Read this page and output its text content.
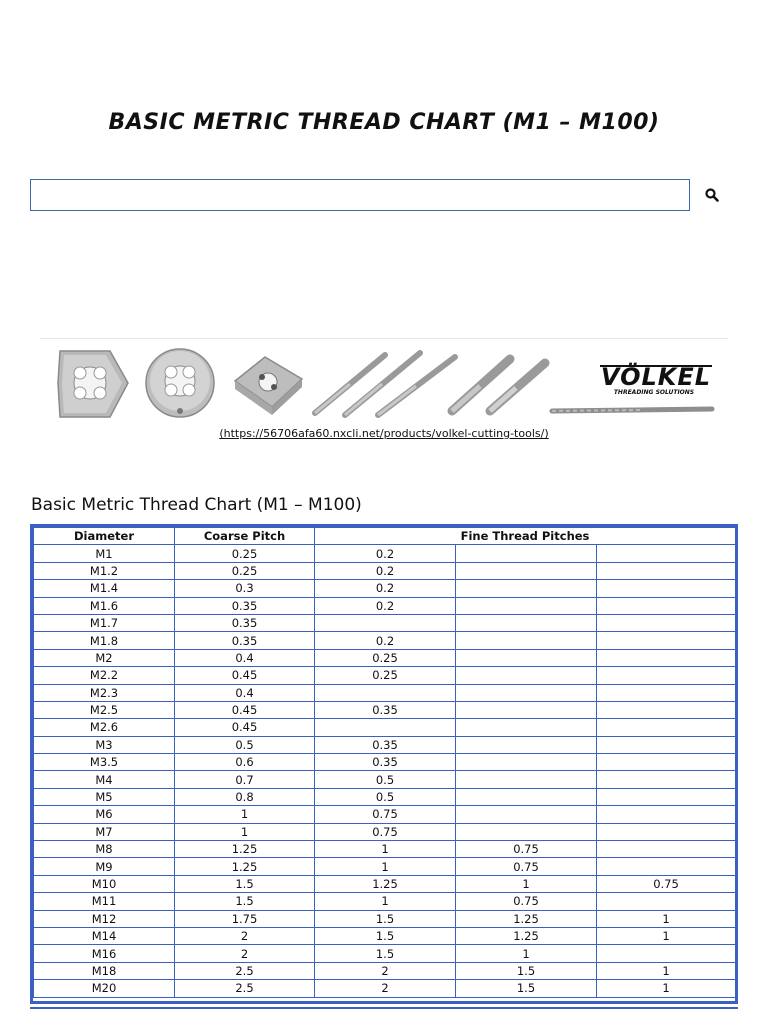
BASIC METRIC THREAD CHART (M1 – M100)
VÖLKEL
THREADING SOLUTIONS
(https://56706afa60.nxcli.net/products/volkel-cutting-tools/)
Basic Metric Thread Chart (M1 – M100)
Diameter	Coarse Pitch	Fine Thread Pitches		
M1	0.25	0.2		
M1.2	0.25	0.2		
M1.4	0.3	0.2		
M1.6	0.35	0.2		
M1.7	0.35			
M1.8	0.35	0.2		
M2	0.4	0.25		
M2.2	0.45	0.25		
M2.3	0.4			
M2.5	0.45	0.35		
M2.6	0.45			
M3	0.5	0.35		
M3.5	0.6	0.35		
M4	0.7	0.5		
M5	0.8	0.5		
M6	1	0.75		
M7	1	0.75		
M8	1.25	1	0.75	
M9	1.25	1	0.75	
M10	1.5	1.25	1	0.75
M11	1.5	1	0.75	
M12	1.75	1.5	1.25	1
M14	2	1.5	1.25	1
M16	2	1.5	1	
M18	2.5	2	1.5	1
M20	2.5	2	1.5	1
